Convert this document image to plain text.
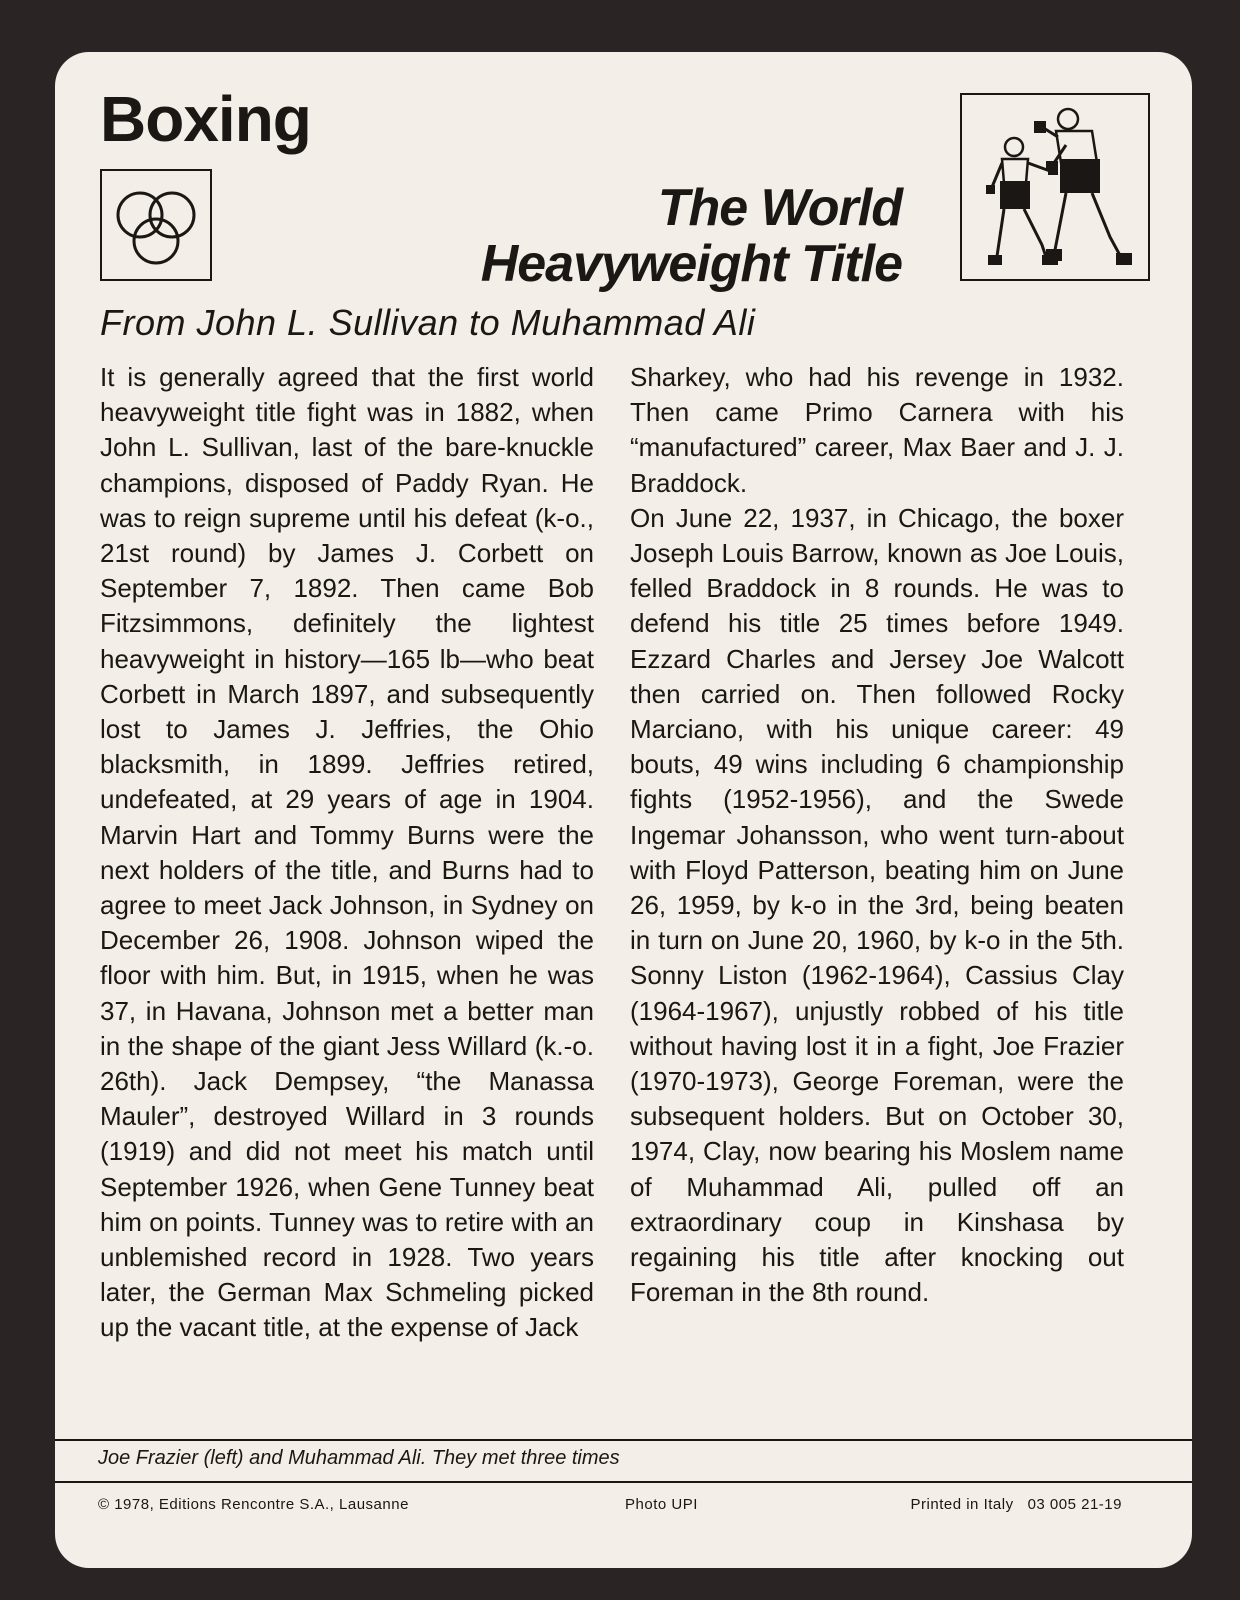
Boxing
The World
Heavyweight Title

From John L. Sullivan to Muhammad Ali

It is generally agreed that the first world heavyweight title fight was in 1882, when John L. Sullivan, last of the bare-knuckle champions, disposed of Paddy Ryan. He was to reign supreme until his defeat (k-o., 21st round) by James J. Corbett on September 7, 1892. Then came Bob Fitzsimmons, definitely the lightest heavyweight in history—165 lb—who beat Corbett in March 1897, and subsequently lost to James J. Jeffries, the Ohio blacksmith, in 1899. Jeffries retired, undefeated, at 29 years of age in 1904. Marvin Hart and Tommy Burns were the next holders of the title, and Burns had to agree to meet Jack Johnson, in Sydney on December 26, 1908. Johnson wiped the floor with him. But, in 1915, when he was 37, in Havana, Johnson met a better man in the shape of the giant Jess Willard (k.-o. 26th). Jack Dempsey, “the Manassa Mauler”, destroyed Willard in 3 rounds (1919) and did not meet his match until September 1926, when Gene Tunney beat him on points. Tunney was to retire with an unblemished record in 1928. Two years later, the German Max Schmeling picked up the vacant title, at the expense of Jack

Sharkey, who had his revenge in 1932. Then came Primo Carnera with his “manufactured” career, Max Baer and J. J. Braddock.

On June 22, 1937, in Chicago, the boxer Joseph Louis Barrow, known as Joe Louis, felled Braddock in 8 rounds. He was to defend his title 25 times before 1949. Ezzard Charles and Jersey Joe Walcott then carried on. Then followed Rocky Marciano, with his unique career: 49 bouts, 49 wins including 6 championship fights (1952-1956), and the Swede Ingemar Johansson, who went turn-about with Floyd Patterson, beating him on June 26, 1959, by k-o in the 3rd, being beaten in turn on June 20, 1960, by k-o in the 5th. Sonny Liston (1962-1964), Cassius Clay (1964-1967), unjustly robbed of his title without having lost it in a fight, Joe Frazier (1970-1973), George Foreman, were the subsequent holders. But on October 30, 1974, Clay, now bearing his Moslem name of Muhammad Ali, pulled off an extraordinary coup in Kinshasa by regaining his title after knocking out Foreman in the 8th round.

Joe Frazier (left) and Muhammad Ali. They met three times

© 1978, Editions Rencontre S.A., Lausanne	Photo UPI	Printed in Italy   03 005 21-19
